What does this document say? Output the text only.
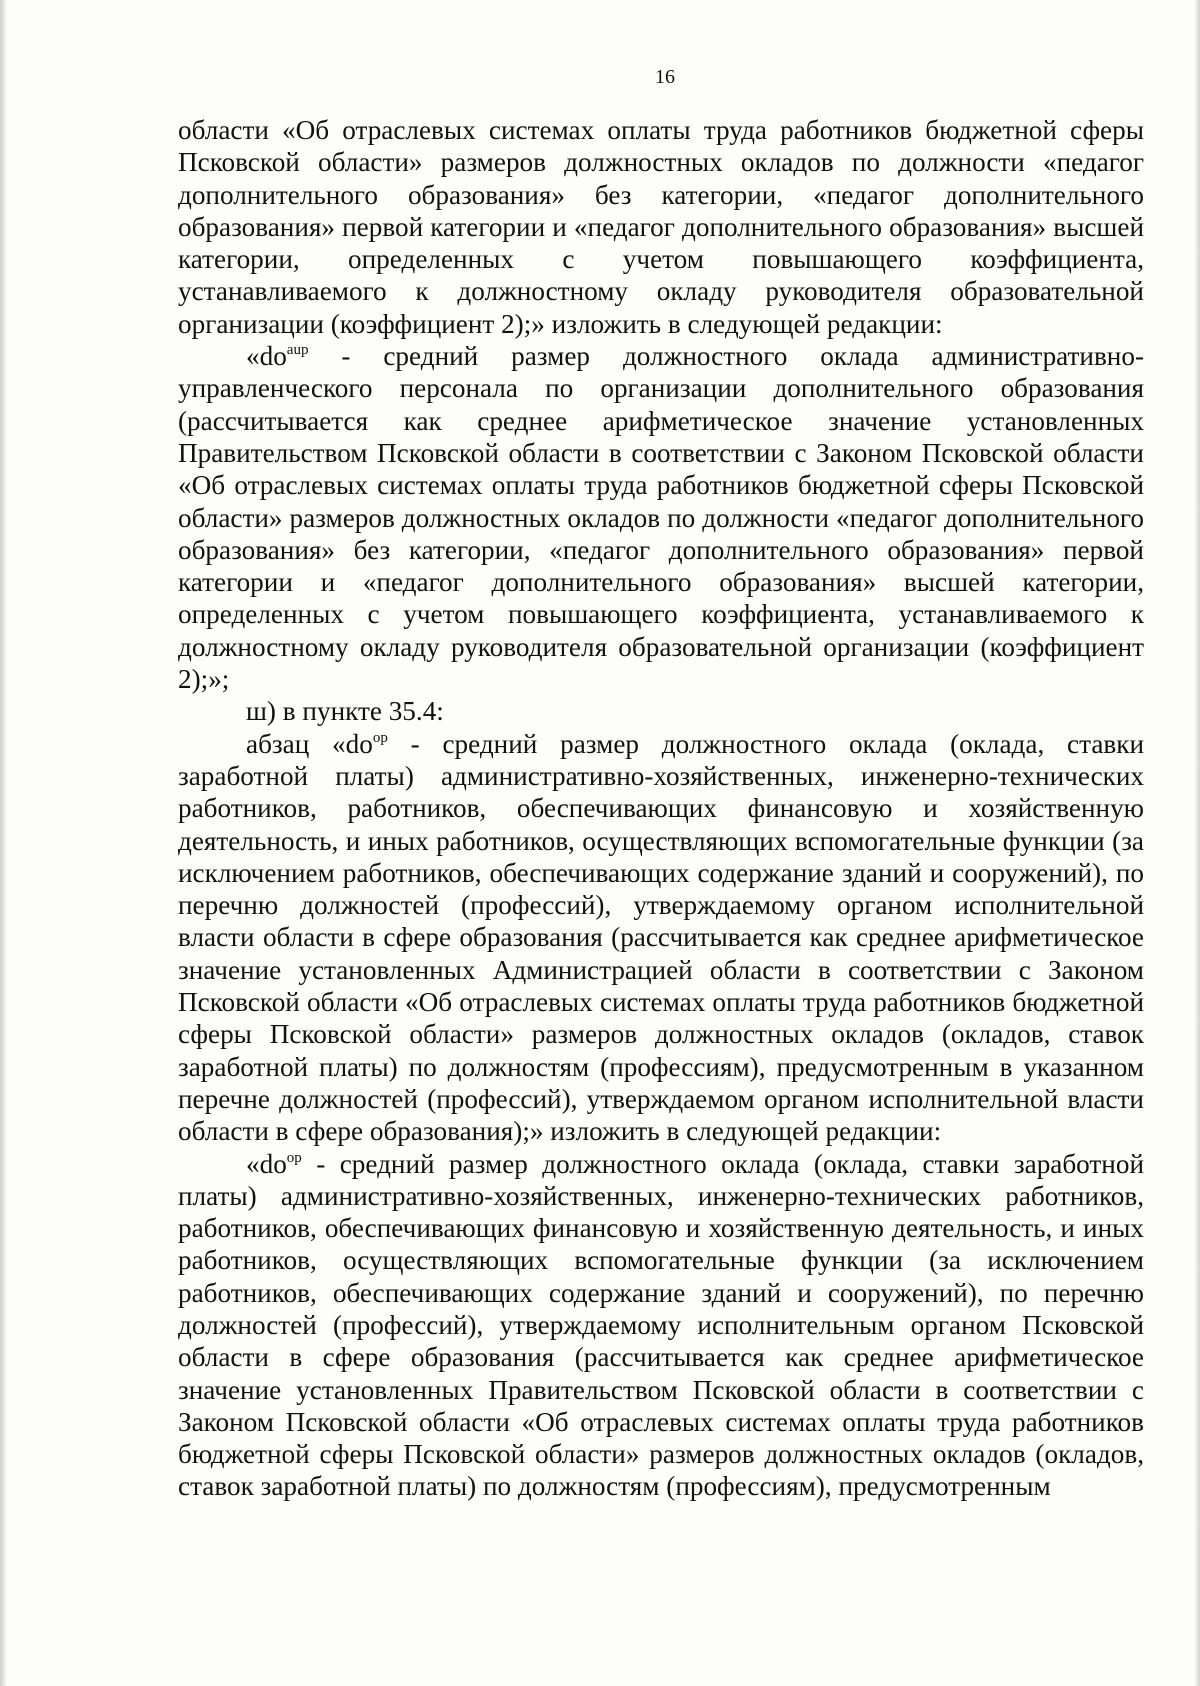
16

области «Об отраслевых системах оплаты труда работников бюджетной сферы Псковской области» размеров должностных окладов по должности «педагог дополнительного образования» без категории, «педагог дополнительного образования» первой категории и «педагог дополнительного образования» высшей категории, определенных с учетом повышающего коэффициента, устанавливаемого к должностному окладу руководителя образовательной организации (коэффициент 2);» изложить в следующей редакции:

«$do^{aup}$ - средний размер должностного оклада административно-управленческого персонала по организации дополнительного образования (рассчитывается как среднее арифметическое значение установленных Правительством Псковской области в соответствии с Законом Псковской области «Об отраслевых системах оплаты труда работников бюджетной сферы Псковской области» размеров должностных окладов по должности «педагог дополнительного образования» без категории, «педагог дополнительного образования» первой категории и «педагог дополнительного образования» высшей категории, определенных с учетом повышающего коэффициента, устанавливаемого к должностному окладу руководителя образовательной организации (коэффициент 2);»;

ш) в пункте 35.4:

абзац «$do^{op}$ - средний размер должностного оклада (оклада, ставки заработной платы) административно-хозяйственных, инженерно-технических работников, работников, обеспечивающих финансовую и хозяйственную деятельность, и иных работников, осуществляющих вспомогательные функции (за исключением работников, обеспечивающих содержание зданий и сооружений), по перечню должностей (профессий), утверждаемому органом исполнительной власти области в сфере образования (рассчитывается как среднее арифметическое значение установленных Администрацией области в соответствии с Законом Псковской области «Об отраслевых системах оплаты труда работников бюджетной сферы Псковской области» размеров должностных окладов (окладов, ставок заработной платы) по должностям (профессиям), предусмотренным в указанном перечне должностей (профессий), утверждаемом органом исполнительной власти области в сфере образования);» изложить в следующей редакции:

«$do^{op}$ - средний размер должностного оклада (оклада, ставки заработной платы) административно-хозяйственных, инженерно-технических работников, работников, обеспечивающих финансовую и хозяйственную деятельность, и иных работников, осуществляющих вспомогательные функции (за исключением работников, обеспечивающих содержание зданий и сооружений), по перечню должностей (профессий), утверждаемому исполнительным органом Псковской области в сфере образования (рассчитывается как среднее арифметическое значение установленных Правительством Псковской области в соответствии с Законом Псковской области «Об отраслевых системах оплаты труда работников бюджетной сферы Псковской области» размеров должностных окладов (окладов, ставок заработной платы) по должностям (профессиям), предусмотренным
